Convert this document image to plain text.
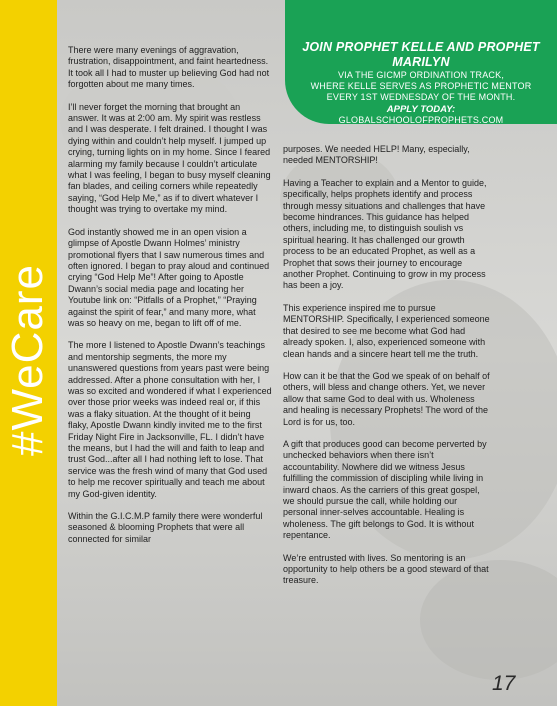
#WeCare
JOIN PROPHET KELLE AND PROPHET MARILYN
VIA THE GICMP ORDINATION TRACK,
WHERE KELLE SERVES AS PROPHETIC MENTOR
EVERY 1ST WEDNESDAY OF THE MONTH.
APPLY TODAY:
GLOBALSCHOOLOFPROPHETS.COM

There were many evenings of aggravation, frustration, disappointment, and faint heartedness. It took all I had to muster up believing God had not forgotten about me many times.

I’ll never forget the morning that brought an answer. It was at 2:00 am. My spirit was restless and I was desperate. I felt drained. I thought I was dying within and couldn’t help myself. I jumped up crying, turning lights on in my home. Since I feared alarming my family because I couldn’t articulate what I was feeling, I began to busy myself cleaning fan blades, and ceiling corners while repeatedly saying, “God Help Me,” as if to divert whatever I thought was trying to overtake my mind.

God instantly showed me in an open vision a glimpse of Apostle Dwann Holmes’ ministry promotional flyers that I saw numerous times and often ignored. I began to pray aloud and continued crying “God Help Me”! After going to Apostle Dwann’s social media page and locating her Youtube link on: “Pitfalls of a Prophet,” “Praying against the spirit of fear,” and many more, what was so heavy on me, began to lift off of me.

The more I listened to Apostle Dwann’s teachings and mentorship segments, the more my unanswered questions from years past were being addressed. After a phone consultation with her, I was so excited and wondered if what I experienced over those prior weeks was indeed real or, if this was a flaky situation. At the thought of it being flaky, Apostle Dwann kindly invited me to the first Friday Night Fire in Jacksonville, FL. I didn’t have the means, but I had the will and faith to leap and trust God...after all I had nothing left to lose. That service was the fresh wind of many that God used to help me recover spiritually and teach me about my God-given identity.

Within the G.I.C.M.P family there were wonderful seasoned & blooming Prophets that were all connected for similar

purposes. We needed HELP! Many, especially, needed MENTORSHIP!

Having a Teacher to explain and a Mentor to guide, specifically, helps prophets identify and process through messy situations and challenges that have become hindrances. This guidance has helped others, including me, to distinguish soulish vs spiritual hearing. It has challenged our growth process to be an educated Prophet, as well as a Prophet that sows their journey to encourage another Prophet. Continuing to grow in my process has been a joy.

This experience inspired me to pursue MENTORSHIP. Specifically, I experienced someone that desired to see me become what God had already spoken. I, also, experienced someone with clean hands and a sincere heart tell me the truth.

How can it be that the God we speak of on behalf of others, will bless and change others. Yet, we never allow that same God to deal with us. Wholeness and healing is necessary Prophets! The word of the Lord is for us, too.

A gift that produces good can become perverted by unchecked behaviors when there isn’t accountability. Nowhere did we witness Jesus fulfilling the commission of discipling while living in inward chaos. As the carriers of this great gospel, we should pursue the call, while holding our personal inner-selves accountable. Healing is wholeness. The gift belongs to God. It is without repentance.

We’re entrusted with lives. So mentoring is an opportunity to help others be a good steward of that treasure.

17
